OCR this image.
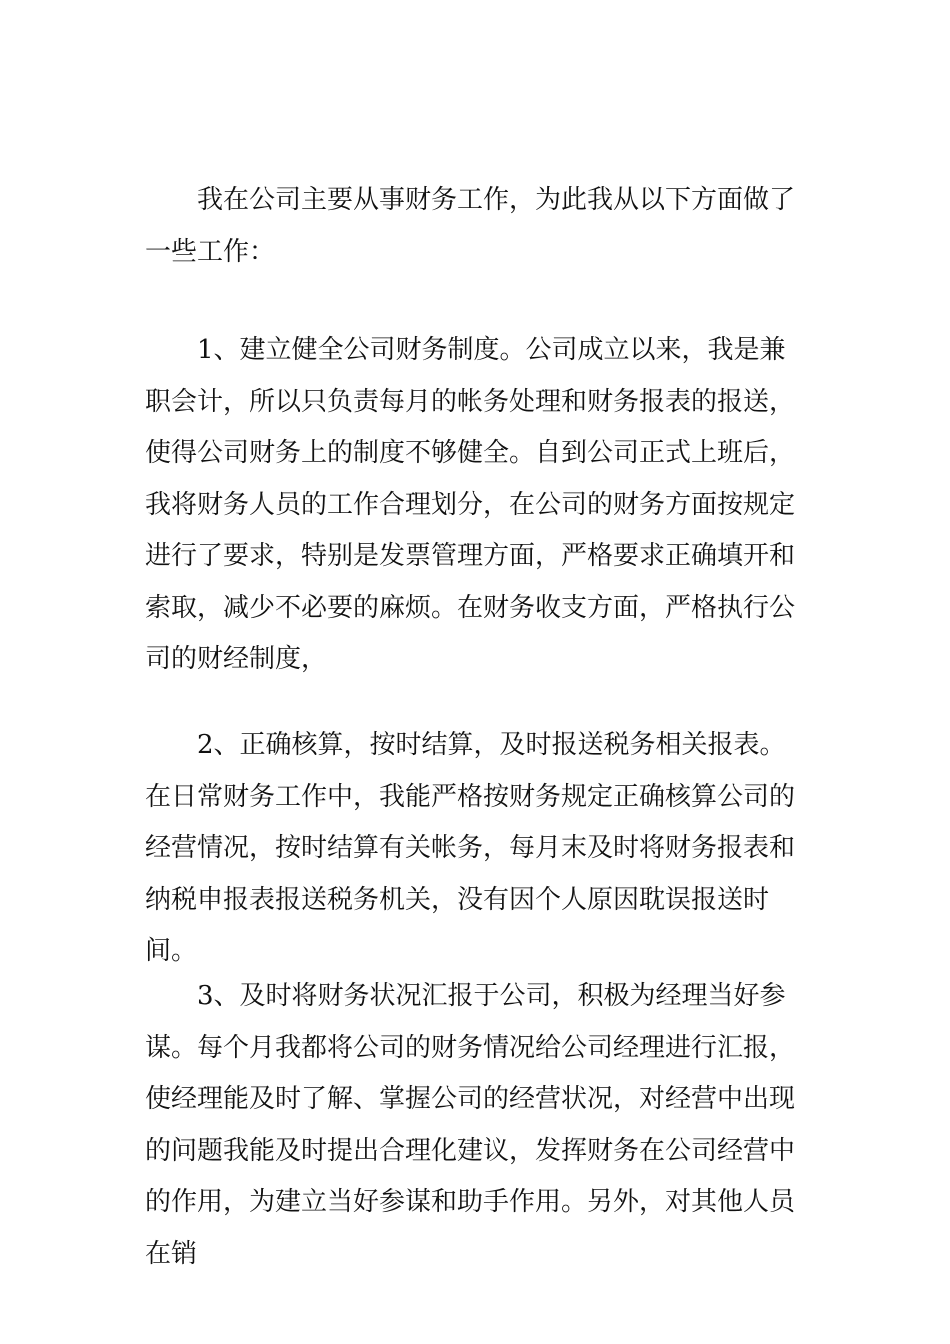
我在公司主要从事财务工作，为此我从以下方面做了一些工作：

1、建立健全公司财务制度。公司成立以来，我是兼职会计，所以只负责每月的帐务处理和财务报表的报送，使得公司财务上的制度不够健全。自到公司正式上班后，我将财务人员的工作合理划分，在公司的财务方面按规定进行了要求，特别是发票管理方面，严格要求正确填开和索取，减少不必要的麻烦。在财务收支方面，严格执行公司的财经制度，

2、正确核算，按时结算，及时报送税务相关报表。在日常财务工作中，我能严格按财务规定正确核算公司的经营情况，按时结算有关帐务，每月末及时将财务报表和纳税申报表报送税务机关，没有因个人原因耽误报送时间。

3、及时将财务状况汇报于公司，积极为经理当好参谋。每个月我都将公司的财务情况给公司经理进行汇报，使经理能及时了解、掌握公司的经营状况，对经营中出现的问题我能及时提出合理化建议，发挥财务在公司经营中的作用，为建立当好参谋和助手作用。另外，对其他人员在销
